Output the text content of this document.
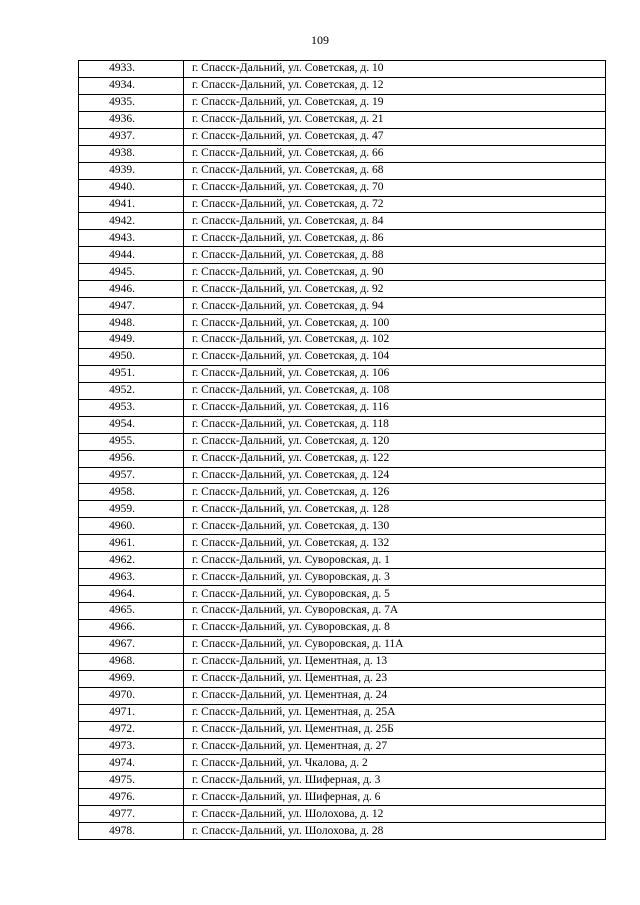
109
4933.	г. Спасск-Дальний, ул. Советская, д. 10
4934.	г. Спасск-Дальний, ул. Советская, д. 12
4935.	г. Спасск-Дальний, ул. Советская, д. 19
4936.	г. Спасск-Дальний, ул. Советская, д. 21
4937.	г. Спасск-Дальний, ул. Советская, д. 47
4938.	г. Спасск-Дальний, ул. Советская, д. 66
4939.	г. Спасск-Дальний, ул. Советская, д. 68
4940.	г. Спасск-Дальний, ул. Советская, д. 70
4941.	г. Спасск-Дальний, ул. Советская, д. 72
4942.	г. Спасск-Дальний, ул. Советская, д. 84
4943.	г. Спасск-Дальний, ул. Советская, д. 86
4944.	г. Спасск-Дальний, ул. Советская, д. 88
4945.	г. Спасск-Дальний, ул. Советская, д. 90
4946.	г. Спасск-Дальний, ул. Советская, д. 92
4947.	г. Спасск-Дальний, ул. Советская, д. 94
4948.	г. Спасск-Дальний, ул. Советская, д. 100
4949.	г. Спасск-Дальний, ул. Советская, д. 102
4950.	г. Спасск-Дальний, ул. Советская, д. 104
4951.	г. Спасск-Дальний, ул. Советская, д. 106
4952.	г. Спасск-Дальний, ул. Советская, д. 108
4953.	г. Спасск-Дальний, ул. Советская, д. 116
4954.	г. Спасск-Дальний, ул. Советская, д. 118
4955.	г. Спасск-Дальний, ул. Советская, д. 120
4956.	г. Спасск-Дальний, ул. Советская, д. 122
4957.	г. Спасск-Дальний, ул. Советская, д. 124
4958.	г. Спасск-Дальний, ул. Советская, д. 126
4959.	г. Спасск-Дальний, ул. Советская, д. 128
4960.	г. Спасск-Дальний, ул. Советская, д. 130
4961.	г. Спасск-Дальний, ул. Советская, д. 132
4962.	г. Спасск-Дальний, ул. Суворовская, д. 1
4963.	г. Спасск-Дальний, ул. Суворовская, д. 3
4964.	г. Спасск-Дальний, ул. Суворовская, д. 5
4965.	г. Спасск-Дальний, ул. Суворовская, д. 7А
4966.	г. Спасск-Дальний, ул. Суворовская, д. 8
4967.	г. Спасск-Дальний, ул. Суворовская, д. 11А
4968.	г. Спасск-Дальний, ул. Цементная, д. 13
4969.	г. Спасск-Дальний, ул. Цементная, д. 23
4970.	г. Спасск-Дальний, ул. Цементная, д. 24
4971.	г. Спасск-Дальний, ул. Цементная, д. 25А
4972.	г. Спасск-Дальний, ул. Цементная, д. 25Б
4973.	г. Спасск-Дальний, ул. Цементная, д. 27
4974.	г. Спасск-Дальний, ул. Чкалова, д. 2
4975.	г. Спасск-Дальний, ул. Шиферная, д. 3
4976.	г. Спасск-Дальний, ул. Шиферная, д. 6
4977.	г. Спасск-Дальний, ул. Шолохова, д. 12
4978.	г. Спасск-Дальний, ул. Шолохова, д. 28
